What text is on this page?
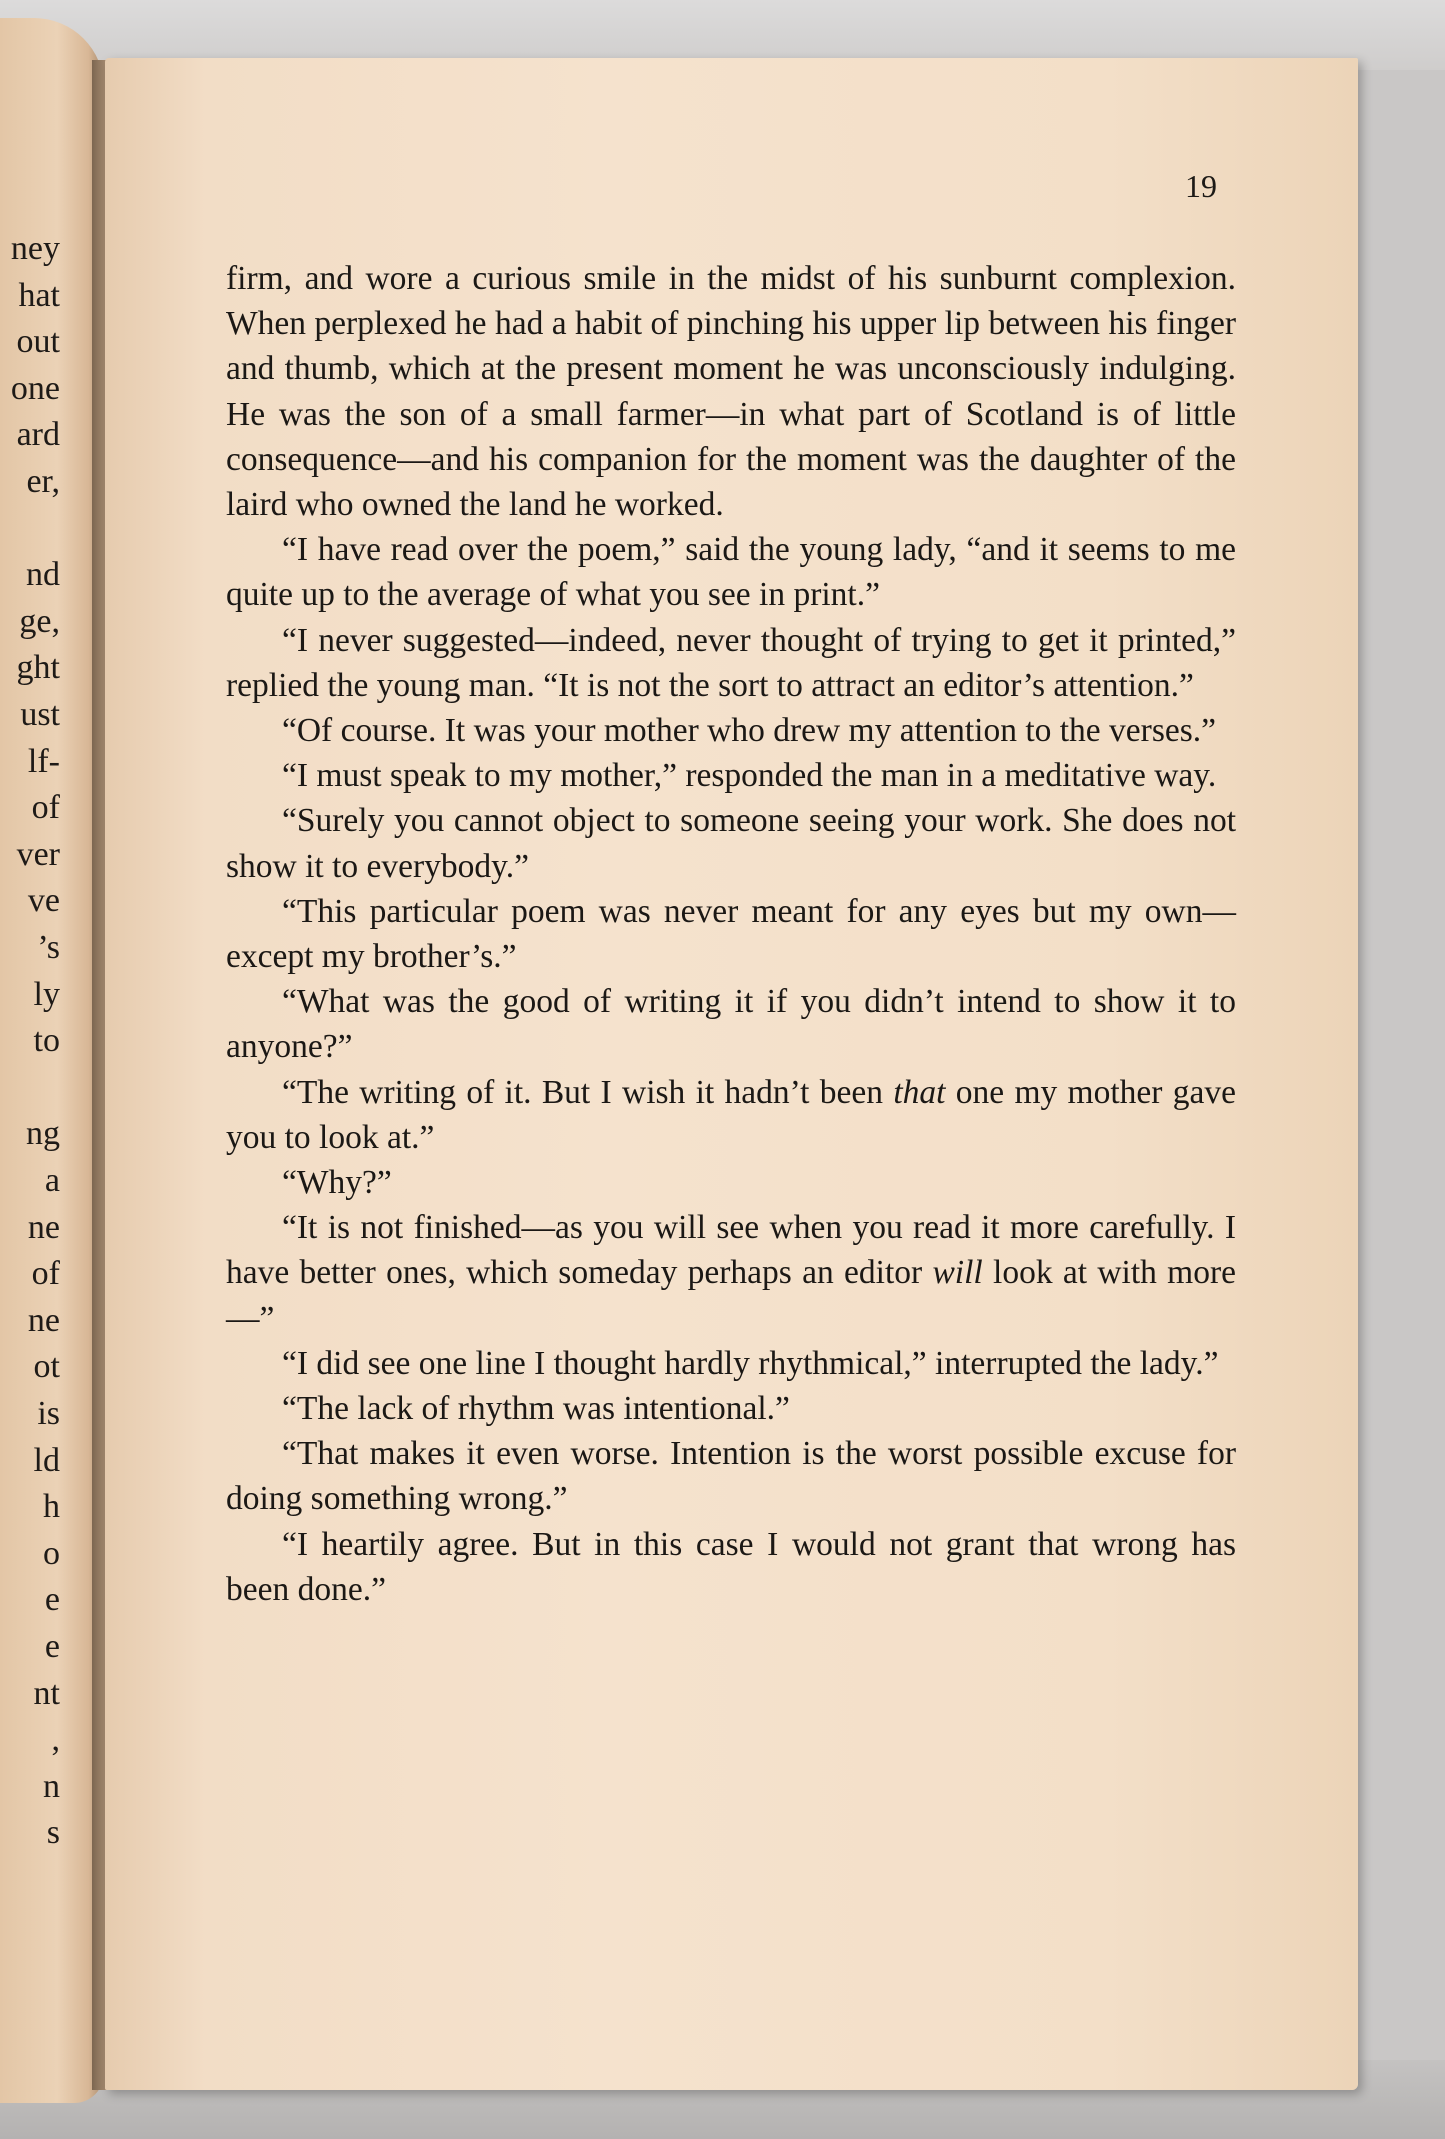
ney
hat
out
one
ard
er,
nd
ge,
ght
ust
lf-
of
ver
ve
’s
ly
to
ng
a
ne
of
ne
ot
is
ld
h
o
e
e
nt
,
n
s
19

firm, and wore a curious smile in the midst of his sunburnt complexion. When perplexed he had a habit of pinching his upper lip between his finger and thumb, which at the present moment he was unconsciously indulging. He was the son of a small farmer—in what part of Scotland is of little consequence—and his companion for the moment was the daughter of the laird who owned the land he worked.

“I have read over the poem,” said the young lady, “and it seems to me quite up to the average of what you see in print.”

“I never suggested—indeed, never thought of trying to get it printed,” replied the young man. “It is not the sort to attract an editor’s attention.”

“Of course. It was your mother who drew my attention to the verses.”

“I must speak to my mother,” responded the man in a meditative way.

“Surely you cannot object to someone seeing your work. She does not show it to everybody.”

“This particular poem was never meant for any eyes but my own—except my brother’s.”

“What was the good of writing it if you didn’t intend to show it to anyone?”

“The writing of it. But I wish it hadn’t been that one my mother gave you to look at.”

“Why?”

“It is not finished—as you will see when you read it more carefully. I have better ones, which someday perhaps an editor will look at with more—”

“I did see one line I thought hardly rhythmical,” interrupted the lady.”

“The lack of rhythm was intentional.”

“That makes it even worse. Intention is the worst possible excuse for doing something wrong.”

“I heartily agree. But in this case I would not grant that wrong has been done.”
